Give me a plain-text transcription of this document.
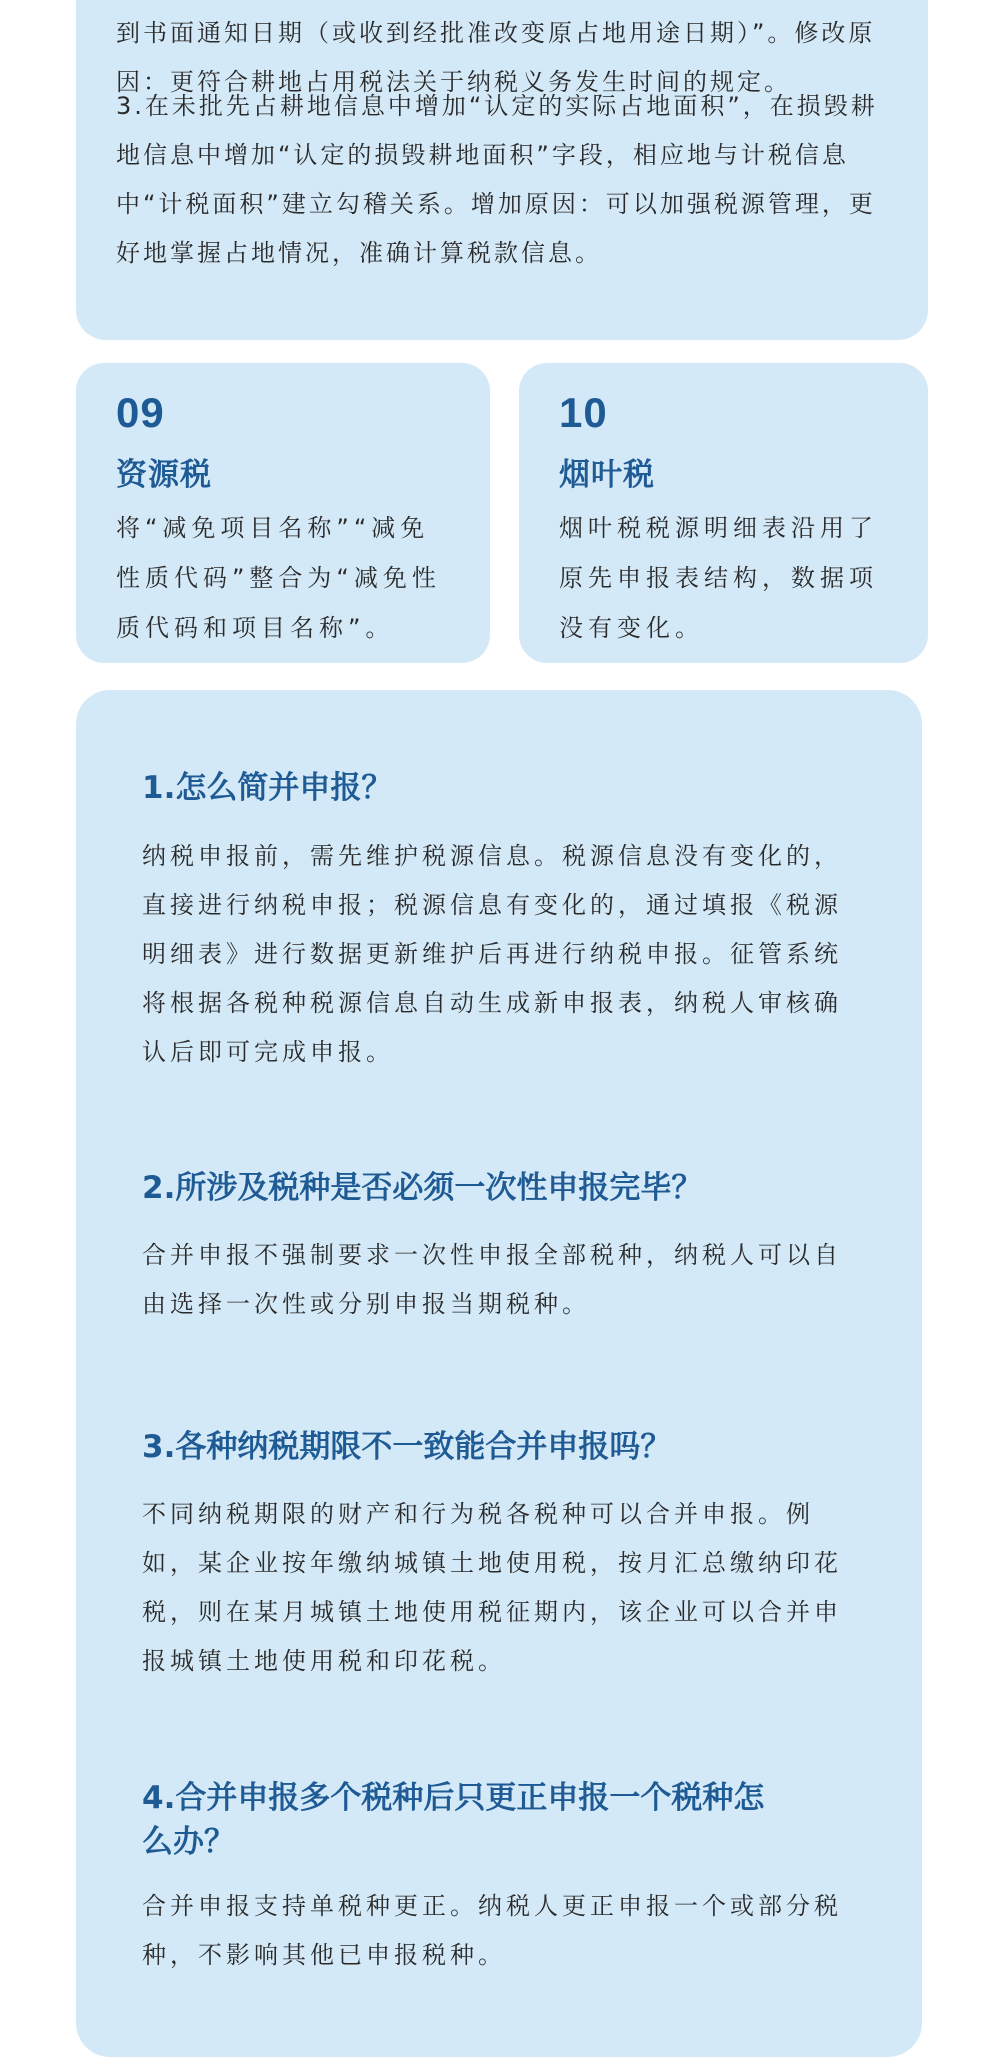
到书面通知日期（或收到经批准改变原占地用途日期）”。修改原因：更符合耕地占用税法关于纳税义务发生时间的规定。

3.在未批先占耕地信息中增加“认定的实际占地面积”，在损毁耕地信息中增加“认定的损毁耕地面积”字段，相应地与计税信息中“计税面积”建立勾稽关系。增加原因：可以加强税源管理，更好地掌握占地情况，准确计算税款信息。

09
资源税

将“减免项目名称”“减免性质代码”整合为“减免性质代码和项目名称”。

10
烟叶税

烟叶税税源明细表沿用了原先申报表结构，数据项没有变化。

1.怎么简并申报？

纳税申报前，需先维护税源信息。税源信息没有变化的，直接进行纳税申报；税源信息有变化的，通过填报《税源明细表》进行数据更新维护后再进行纳税申报。征管系统将根据各税种税源信息自动生成新申报表，纳税人审核确认后即可完成申报。

2.所涉及税种是否必须一次性申报完毕？

合并申报不强制要求一次性申报全部税种，纳税人可以自由选择一次性或分别申报当期税种。

3.各种纳税期限不一致能合并申报吗？

不同纳税期限的财产和行为税各税种可以合并申报。例如，某企业按年缴纳城镇土地使用税，按月汇总缴纳印花税，则在某月城镇土地使用税征期内，该企业可以合并申报城镇土地使用税和印花税。

4.合并申报多个税种后只更正申报一个税种怎么办？

合并申报支持单税种更正。纳税人更正申报一个或部分税种，不影响其他已申报税种。
